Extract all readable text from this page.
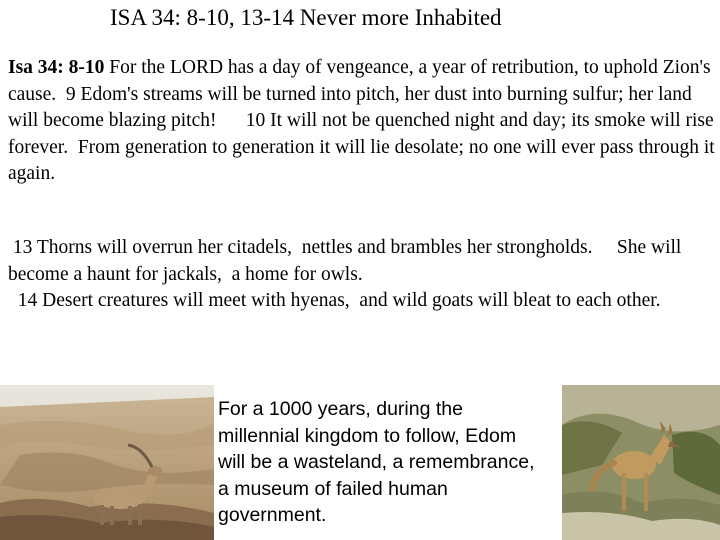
ISA 34: 8-10, 13-14 Never more Inhabited
Isa 34: 8-10 For the LORD has a day of vengeance, a year of retribution, to uphold Zion's cause.  9 Edom's streams will be turned into pitch, her dust into burning sulfur; her land will become blazing pitch!      10 It will not be quenched night and day; its smoke will rise forever.  From generation to generation it will lie desolate; no one will ever pass through it again.
13 Thorns will overrun her citadels,  nettles and brambles her strongholds.     She will become a haunt for jackals,  a home for owls.
14 Desert creatures will meet with hyenas,  and wild goats will bleat to each other.
For a 1000 years, during the millennial kingdom to follow, Edom will be a wasteland, a remembrance, a museum of failed human government.
